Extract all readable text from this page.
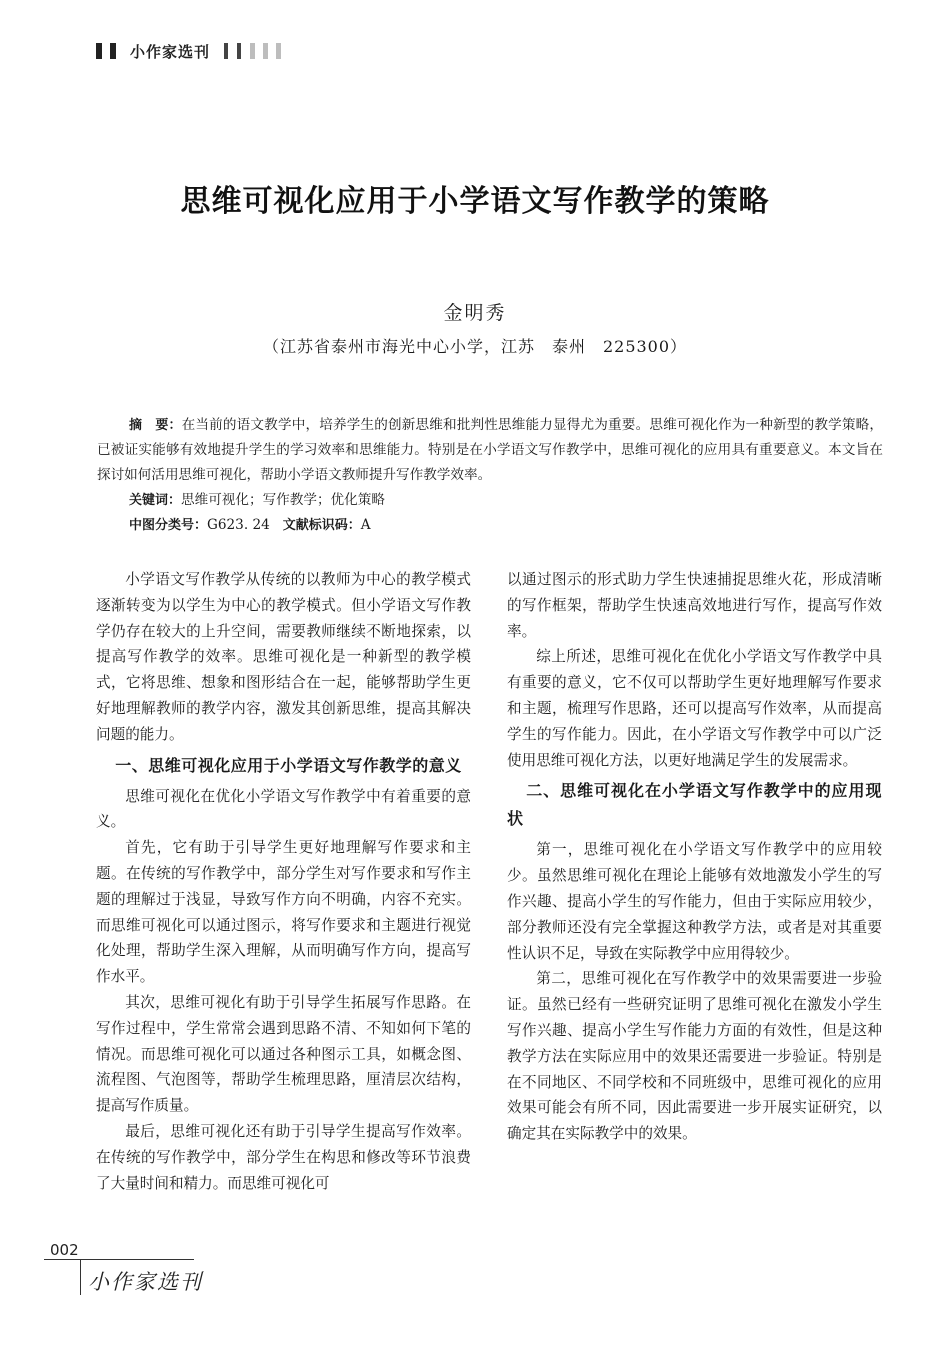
小作家选刊
思维可视化应用于小学语文写作教学的策略
金明秀
（江苏省泰州市海光中心小学，江苏　泰州　225300）

摘　要：在当前的语文教学中，培养学生的创新思维和批判性思维能力显得尤为重要。思维可视化作为一种新型的教学策略，已被证实能够有效地提升学生的学习效率和思维能力。特别是在小学语文写作教学中，思维可视化的应用具有重要意义。本文旨在探讨如何活用思维可视化，帮助小学语文教师提升写作教学效率。

关键词：思维可视化；写作教学；优化策略

中图分类号：G623. 24 文献标识码：A

小学语文写作教学从传统的以教师为中心的教学模式逐渐转变为以学生为中心的教学模式。但小学语文写作教学仍存在较大的上升空间，需要教师继续不断地探索，以提高写作教学的效率。思维可视化是一种新型的教学模式，它将思维、想象和图形结合在一起，能够帮助学生更好地理解教师的教学内容，激发其创新思维，提高其解决问题的能力。

一、思维可视化应用于小学语文写作教学的意义

思维可视化在优化小学语文写作教学中有着重要的意义。

首先，它有助于引导学生更好地理解写作要求和主题。在传统的写作教学中，部分学生对写作要求和写作主题的理解过于浅显，导致写作方向不明确，内容不充实。而思维可视化可以通过图示，将写作要求和主题进行视觉化处理，帮助学生深入理解，从而明确写作方向，提高写作水平。

其次，思维可视化有助于引导学生拓展写作思路。在写作过程中，学生常常会遇到思路不清、不知如何下笔的情况。而思维可视化可以通过各种图示工具，如概念图、流程图、气泡图等，帮助学生梳理思路，厘清层次结构，提高写作质量。

最后，思维可视化还有助于引导学生提高写作效率。在传统的写作教学中，部分学生在构思和修改等环节浪费了大量时间和精力。而思维可视化可

以通过图示的形式助力学生快速捕捉思维火花，形成清晰的写作框架，帮助学生快速高效地进行写作，提高写作效率。

综上所述，思维可视化在优化小学语文写作教学中具有重要的意义，它不仅可以帮助学生更好地理解写作要求和主题，梳理写作思路，还可以提高写作效率，从而提高学生的写作能力。因此，在小学语文写作教学中可以广泛使用思维可视化方法，以更好地满足学生的发展需求。

二、思维可视化在小学语文写作教学中的应用现状

第一，思维可视化在小学语文写作教学中的应用较少。虽然思维可视化在理论上能够有效地激发小学生的写作兴趣、提高小学生的写作能力，但由于实际应用较少，部分教师还没有完全掌握这种教学方法，或者是对其重要性认识不足，导致在实际教学中应用得较少。

第二，思维可视化在写作教学中的效果需要进一步验证。虽然已经有一些研究证明了思维可视化在激发小学生写作兴趣、提高小学生写作能力方面的有效性，但是这种教学方法在实际应用中的效果还需要进一步验证。特别是在不同地区、不同学校和不同班级中，思维可视化的应用效果可能会有所不同，因此需要进一步开展实证研究，以确定其在实际教学中的效果。

002
小作家选刊
